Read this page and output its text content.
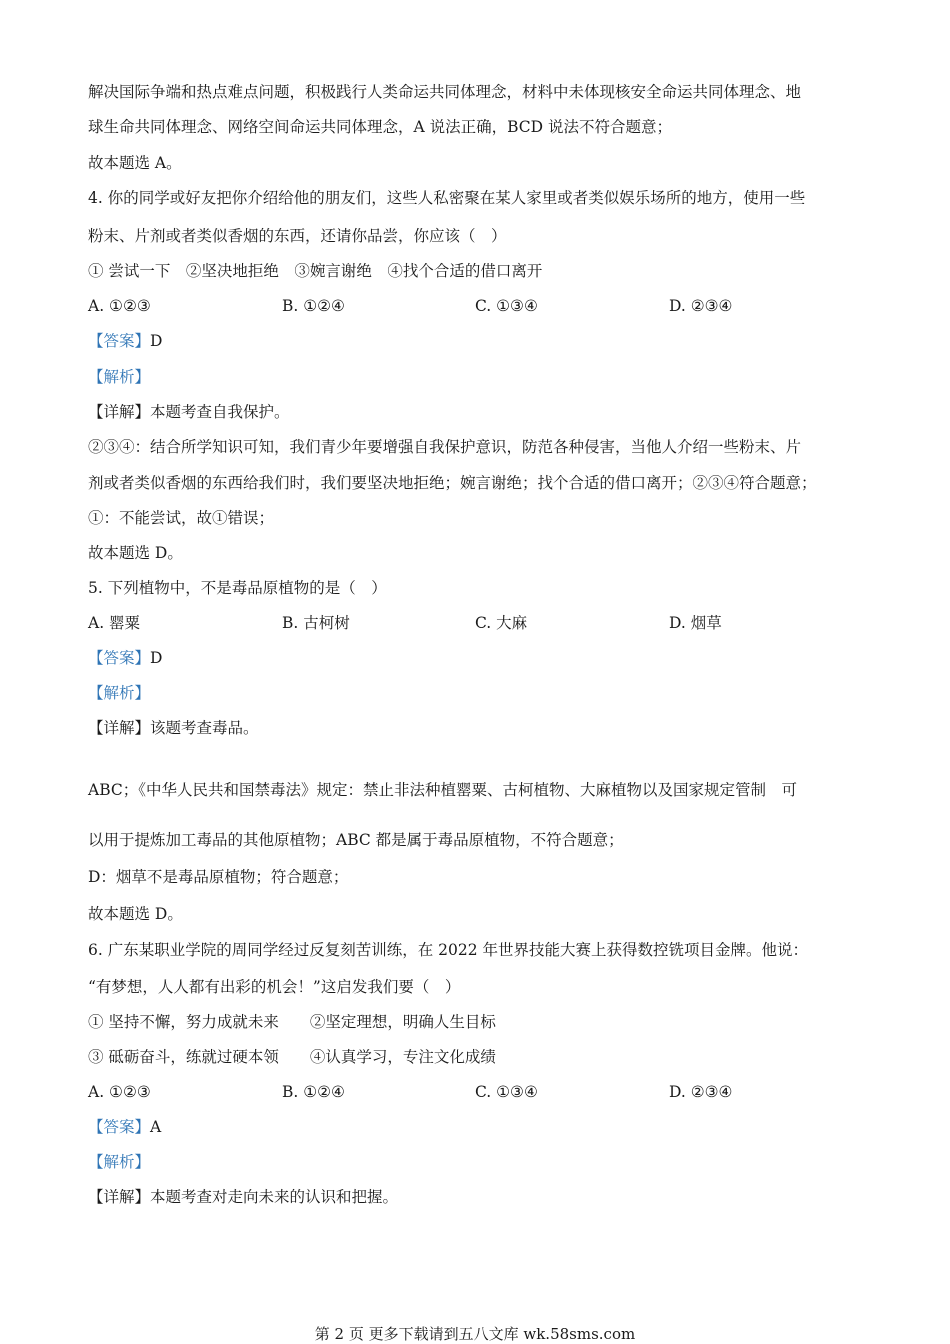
解决国际争端和热点难点问题，积极践行人类命运共同体理念，材料中未体现核安全命运共同体理念、地
球生命共同体理念、网络空间命运共同体理念，A 说法正确，BCD 说法不符合题意；
故本题选 A。
4. 你的同学或好友把你介绍给他的朋友们，这些人私密聚在某人家里或者类似娱乐场所的地方，使用一些
粉末、片剂或者类似香烟的东西，还请你品尝，你应该（　）
① 尝试一下　②坚决地拒绝　③婉言谢绝　④找个合适的借口离开
A. ①②③	B. ①②④	C. ①③④	D. ②③④
【答案】D
【解析】
【详解】本题考查自我保护。
②③④：结合所学知识可知，我们青少年要增强自我保护意识，防范各种侵害，当他人介绍一些粉末、片
剂或者类似香烟的东西给我们时，我们要坚决地拒绝；婉言谢绝；找个合适的借口离开；②③④符合题意；
①：不能尝试，故①错误；
故本题选 D。
5. 下列植物中，不是毒品原植物的是（　）
A. 罂粟	B. 古柯树	C. 大麻	D. 烟草
【答案】D
【解析】
【详解】该题考查毒品。
ABC；《中华人民共和国禁毒法》规定：禁止非法种植罂粟、古柯植物、大麻植物以及国家规定管制　可
以用于提炼加工毒品的其他原植物；ABC 都是属于毒品原植物，不符合题意；
D：烟草不是毒品原植物；符合题意；
故本题选 D。
6. 广东某职业学院的周同学经过反复刻苦训练，在 2022 年世界技能大赛上获得数控铣项目金牌。他说：
“有梦想，人人都有出彩的机会！”这启发我们要（　）
① 坚持不懈，努力成就未来　　②坚定理想，明确人生目标
③ 砥砺奋斗，练就过硬本领　　④认真学习，专注文化成绩
A. ①②③	B. ①②④	C. ①③④	D. ②③④
【答案】A
【解析】
【详解】本题考查对走向未来的认识和把握。
第 2 页 更多下载请到五八文库 wk.58sms.com
